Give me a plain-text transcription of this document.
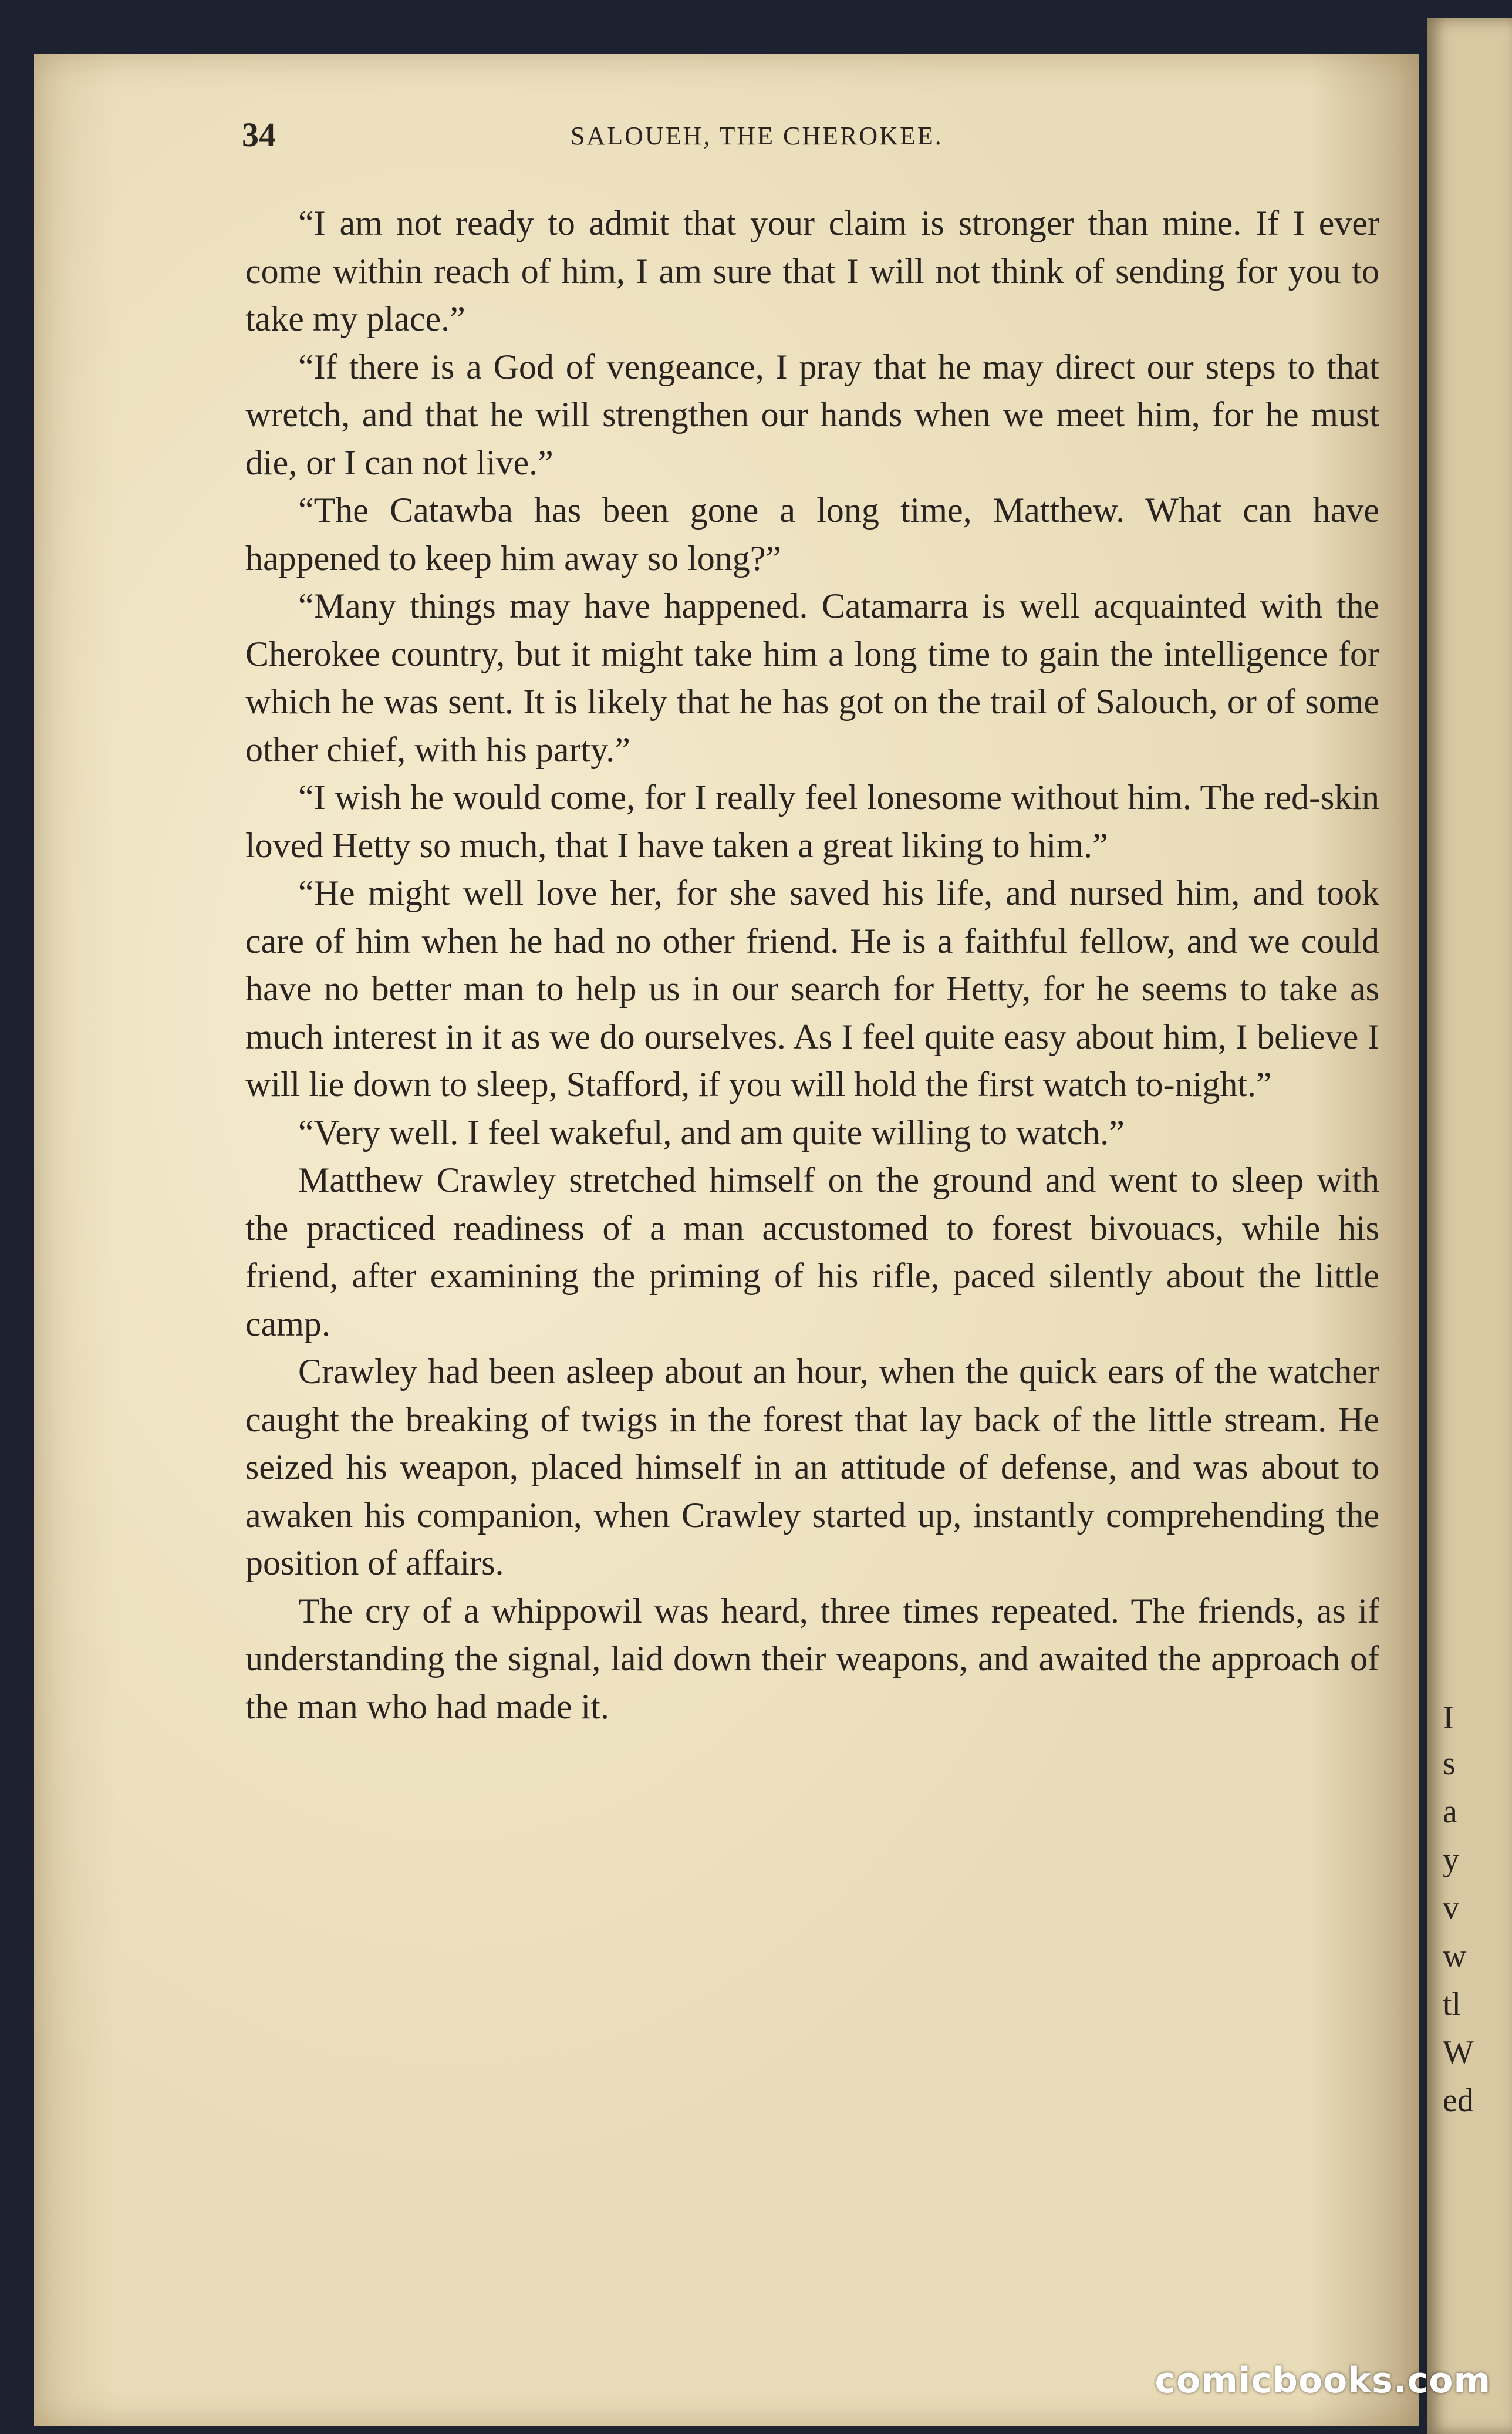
I
s
a
y
v
w
tl
W
ed
34	SALOUEH, THE CHEROKEE.

“I am not ready to admit that your claim is stronger than mine. If I ever come within reach of him, I am sure that I will not think of sending for you to take my place.”

“If there is a God of vengeance, I pray that he may direct our steps to that wretch, and that he will strengthen our hands when we meet him, for he must die, or I can not live.”

“The Catawba has been gone a long time, Matthew. What can have happened to keep him away so long?”

“Many things may have happened. Catamarra is well acquainted with the Cherokee country, but it might take him a long time to gain the intelligence for which he was sent. It is likely that he has got on the trail of Salouch, or of some other chief, with his party.”

“I wish he would come, for I really feel lonesome without him. The red-skin loved Hetty so much, that I have taken a great liking to him.”

“He might well love her, for she saved his life, and nursed him, and took care of him when he had no other friend. He is a faithful fellow, and we could have no better man to help us in our search for Hetty, for he seems to take as much interest in it as we do ourselves. As I feel quite easy about him, I believe I will lie down to sleep, Stafford, if you will hold the first watch to-night.”

“Very well. I feel wakeful, and am quite willing to watch.”

Matthew Crawley stretched himself on the ground and went to sleep with the practiced readiness of a man accustomed to forest bivouacs, while his friend, after examining the priming of his rifle, paced silently about the little camp.

Crawley had been asleep about an hour, when the quick ears of the watcher caught the breaking of twigs in the forest that lay back of the little stream. He seized his weapon, placed himself in an attitude of defense, and was about to awaken his companion, when Crawley started up, instantly comprehending the position of affairs.

The cry of a whippowil was heard, three times repeated. The friends, as if understanding the signal, laid down their weapons, and awaited the approach of the man who had made it.

comicbooks.com
